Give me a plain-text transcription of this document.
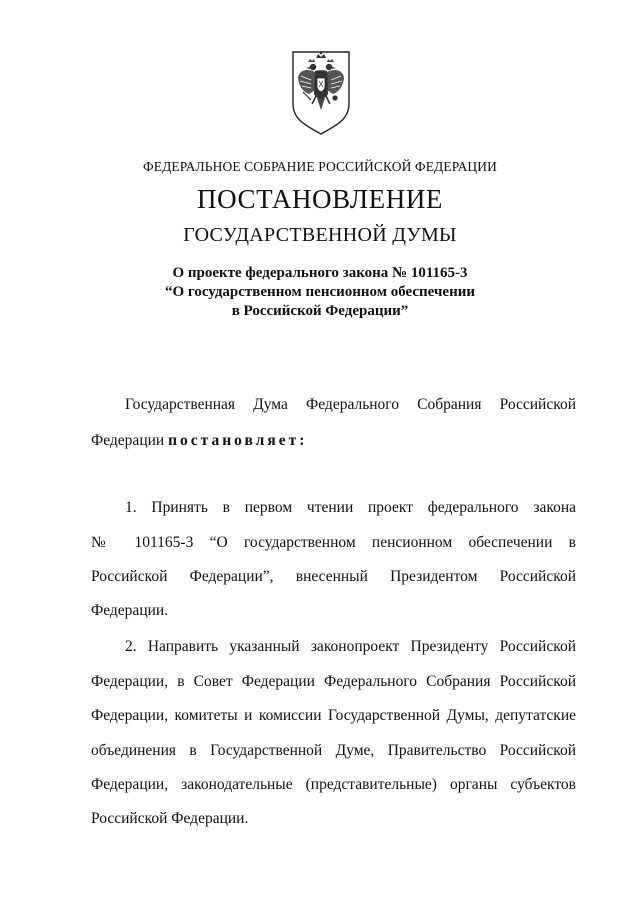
ФЕДЕРАЛЬНОЕ СОБРАНИЕ РОССИЙСКОЙ ФЕДЕРАЦИИ
ПОСТАНОВЛЕНИЕ
ГОСУДАРСТВЕННОЙ ДУМЫ
О проекте федерального закона № 101165-3
“О государственном пенсионном обеспечении
в Российской Федерации”
Государственная Дума Федерального Собрания Российской
Федерации постановляет:
1. Принять в первом чтении проект федерального закона
№ 101165-3 “О государственном пенсионном обеспечении в
Российской Федерации”, внесенный Президентом Российской
Федерации.
2. Направить указанный законопроект Президенту Российской
Федерации, в Совет Федерации Федерального Собрания Российской
Федерации, комитеты и комиссии Государственной Думы, депутатские
объединения в Государственной Думе, Правительство Российской
Федерации, законодательные (представительные) органы субъектов
Российской Федерации.
